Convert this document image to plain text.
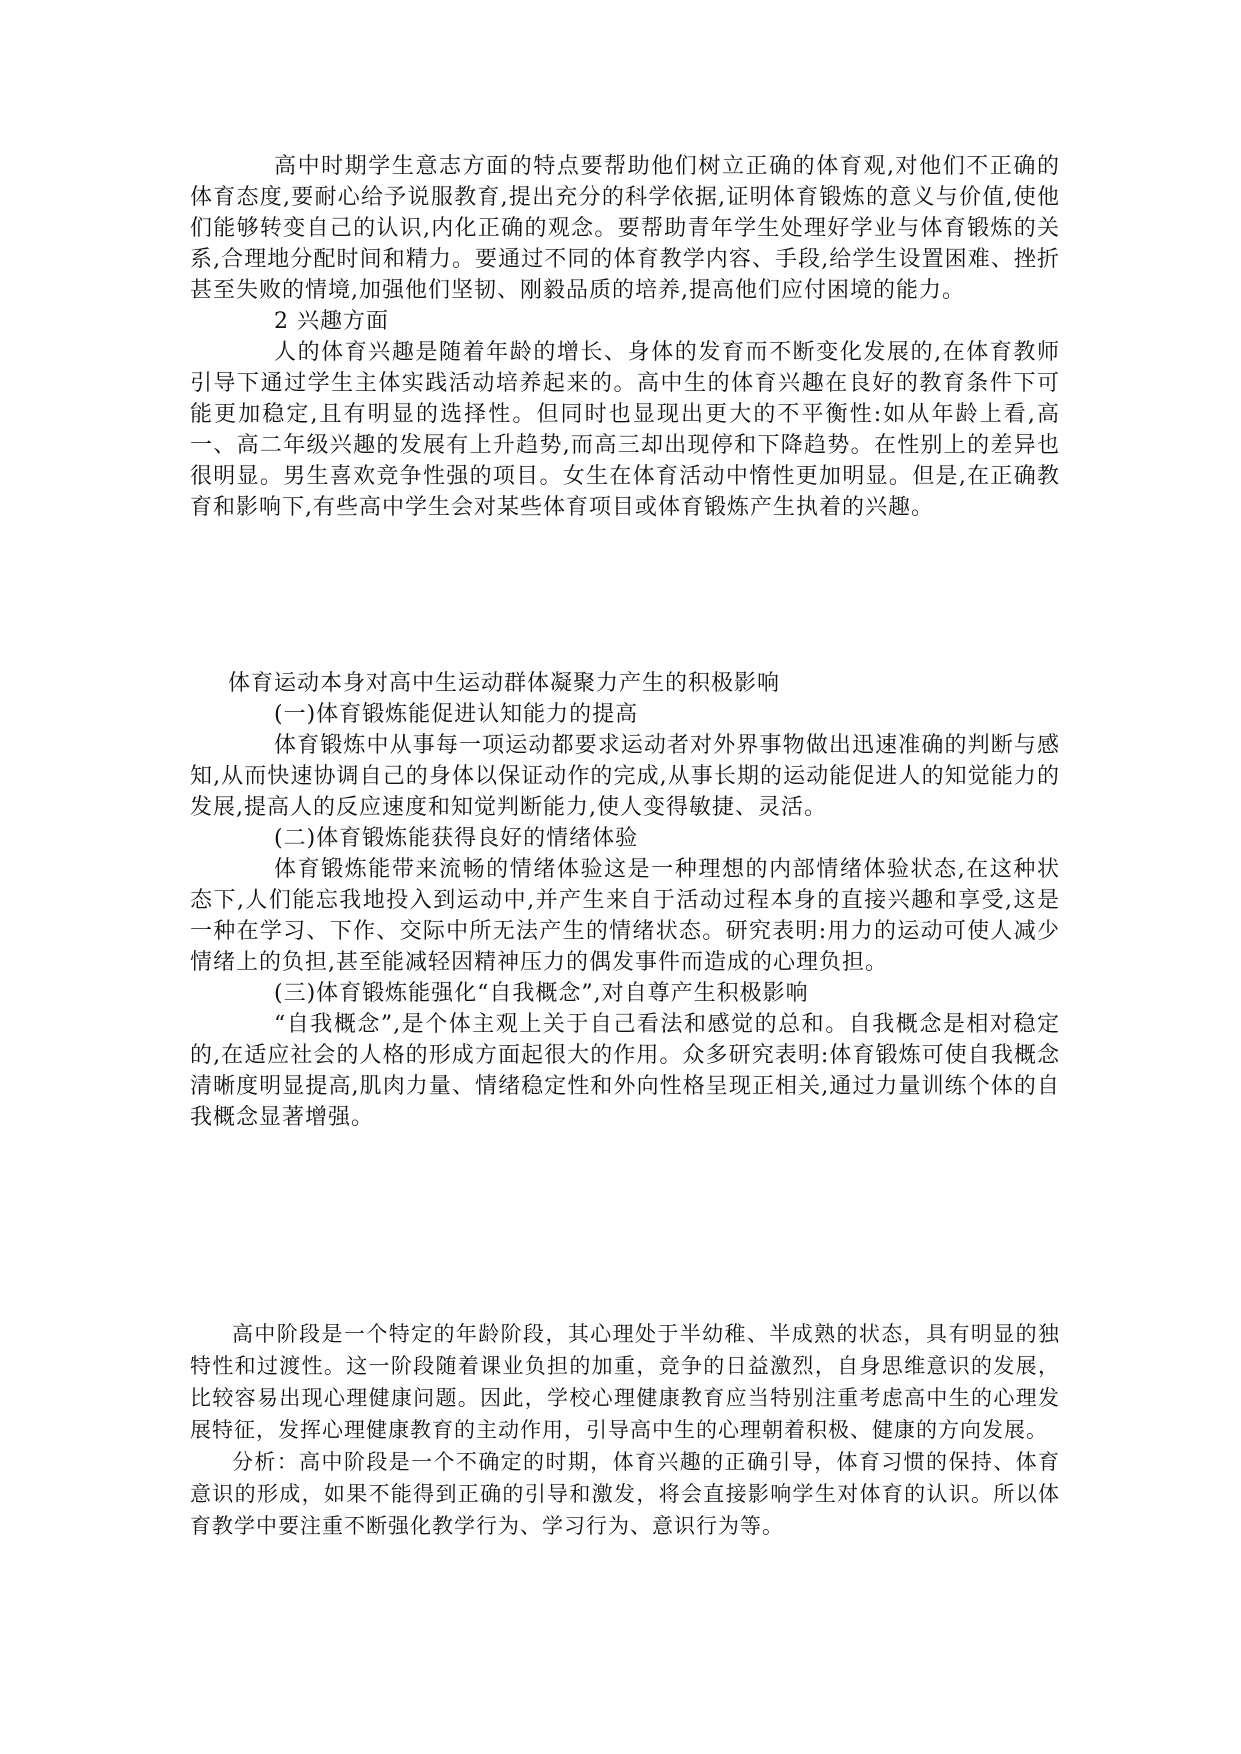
高中时期学生意志方面的特点要帮助他们树立正确的体育观,对他们不正确的体育态度,要耐心给予说服教育,提出充分的科学依据,证明体育锻炼的意义与价值,使他们能够转变自己的认识,内化正确的观念。要帮助青年学生处理好学业与体育锻炼的关系,合理地分配时间和精力。要通过不同的体育教学内容、手段,给学生设置困难、挫折甚至失败的情境,加强他们坚韧、刚毅品质的培养,提高他们应付困境的能力。

2 兴趣方面

人的体育兴趣是随着年龄的增长、身体的发育而不断变化发展的,在体育教师引导下通过学生主体实践活动培养起来的。高中生的体育兴趣在良好的教育条件下可能更加稳定,且有明显的选择性。但同时也显现出更大的不平衡性:如从年龄上看,高一、高二年级兴趣的发展有上升趋势,而高三却出现停和下降趋势。在性别上的差异也很明显。男生喜欢竞争性强的项目。女生在体育活动中惰性更加明显。但是,在正确教育和影响下,有些高中学生会对某些体育项目或体育锻炼产生执着的兴趣。

体育运动本身对高中生运动群体凝聚力产生的积极影响

(一)体育锻炼能促进认知能力的提高

体育锻炼中从事每一项运动都要求运动者对外界事物做出迅速准确的判断与感知,从而快速协调自己的身体以保证动作的完成,从事长期的运动能促进人的知觉能力的发展,提高人的反应速度和知觉判断能力,使人变得敏捷、灵活。

(二)体育锻炼能获得良好的情绪体验

体育锻炼能带来流畅的情绪体验这是一种理想的内部情绪体验状态,在这种状态下,人们能忘我地投入到运动中,并产生来自于活动过程本身的直接兴趣和享受,这是一种在学习、下作、交际中所无法产生的情绪状态。研究表明:用力的运动可使人减少情绪上的负担,甚至能减轻因精神压力的偶发事件而造成的心理负担。

(三)体育锻炼能强化“自我概念”,对自尊产生积极影响

“自我概念”,是个体主观上关于自己看法和感觉的总和。自我概念是相对稳定的,在适应社会的人格的形成方面起很大的作用。众多研究表明:体育锻炼可使自我概念清晰度明显提高,肌肉力量、情绪稳定性和外向性格呈现正相关,通过力量训练个体的自我概念显著增强。

高中阶段是一个特定的年龄阶段，其心理处于半幼稚、半成熟的状态，具有明显的独特性和过渡性。这一阶段随着课业负担的加重，竞争的日益激烈，自身思维意识的发展，比较容易出现心理健康问题。因此，学校心理健康教育应当特别注重考虑高中生的心理发展特征，发挥心理健康教育的主动作用，引导高中生的心理朝着积极、健康的方向发展。

分析：高中阶段是一个不确定的时期，体育兴趣的正确引导，体育习惯的保持、体育意识的形成，如果不能得到正确的引导和激发，将会直接影响学生对体育的认识。所以体育教学中要注重不断强化教学行为、学习行为、意识行为等。
